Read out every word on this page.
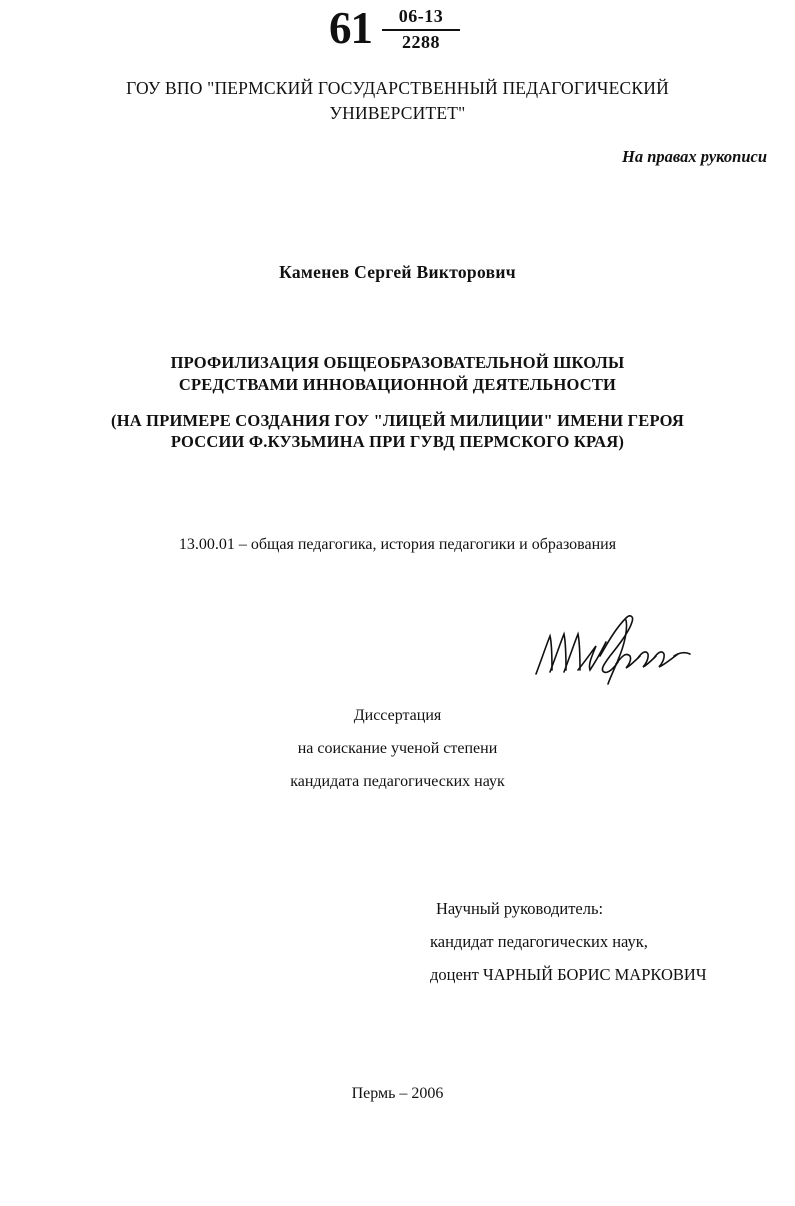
$61 \frac{06-13}{2288}$
ГОУ ВПО "ПЕРМСКИЙ ГОСУДАРСТВЕННЫЙ ПЕДАГОГИЧЕСКИЙ
УНИВЕРСИТЕТ"
На правах рукописи
Каменев Сергей Викторович
ПРОФИЛИЗАЦИЯ ОБЩЕОБРАЗОВАТЕЛЬНОЙ ШКОЛЫ
СРЕДСТВАМИ ИННОВАЦИОННОЙ ДЕЯТЕЛЬНОСТИ
(НА ПРИМЕРЕ СОЗДАНИЯ ГОУ "ЛИЦЕЙ МИЛИЦИИ" ИМЕНИ ГЕРОЯ
РОССИИ Ф.КУЗЬМИНА ПРИ ГУВД ПЕРМСКОГО КРАЯ)
13.00.01 – общая педагогика, история педагогики и образования
Диссертация
на соискание ученой степени
кандидата педагогических наук
Научный руководитель:
кандидат педагогических наук,
доцент ЧАРНЫЙ БОРИС МАРКОВИЧ
Пермь – 2006
